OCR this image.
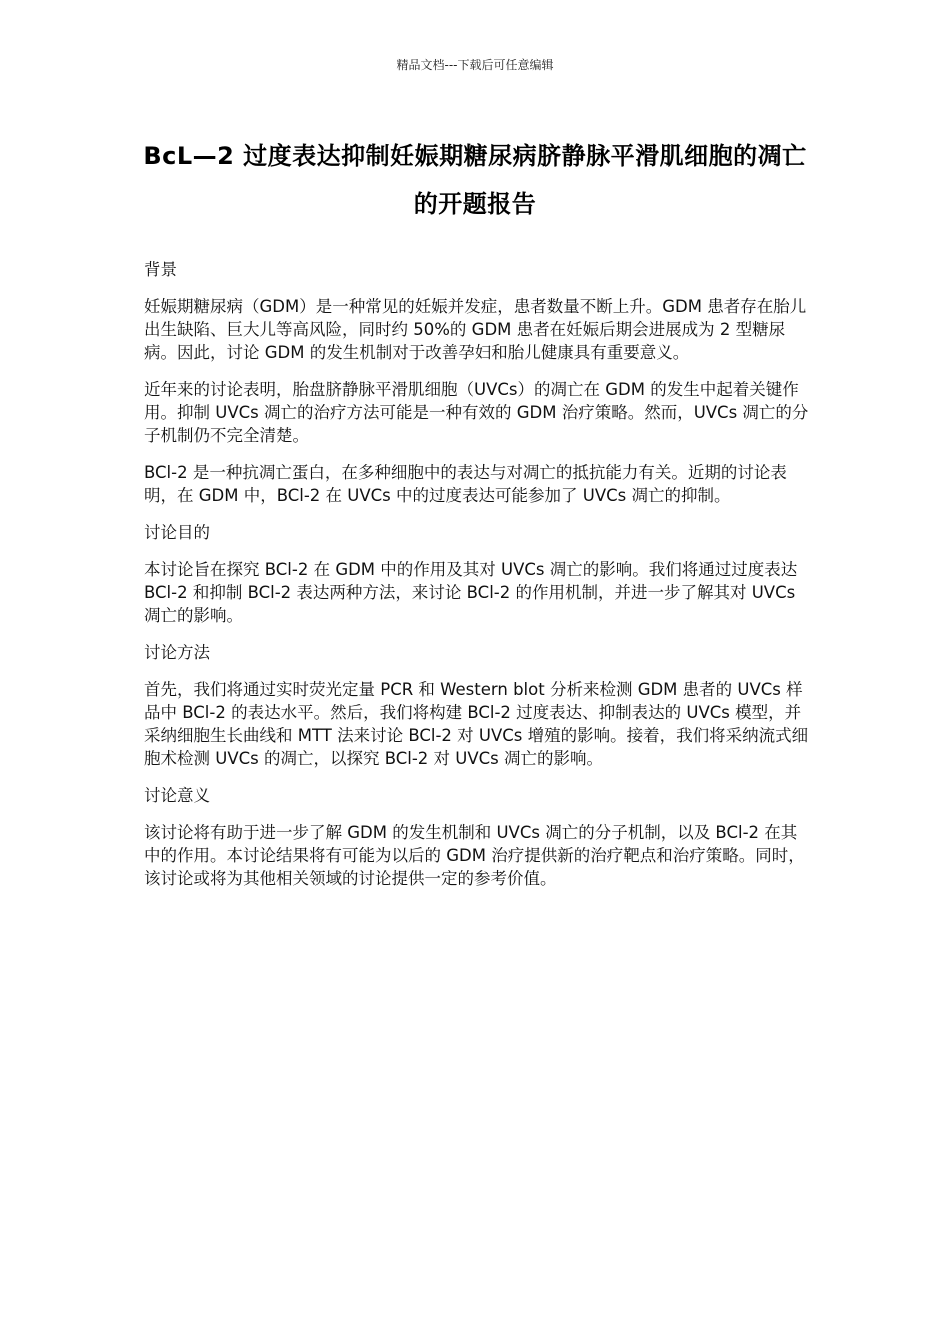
精品文档---下载后可任意编辑
BcL—2 过度表达抑制妊娠期糖尿病脐静脉平滑肌细胞的凋亡的开题报告
背景
妊娠期糖尿病（GDM）是一种常见的妊娠并发症，患者数量不断上升。GDM 患者存在胎儿出生缺陷、巨大儿等高风险，同时约 50%的 GDM 患者在妊娠后期会进展成为 2 型糖尿病。因此，讨论 GDM 的发生机制对于改善孕妇和胎儿健康具有重要意义。
近年来的讨论表明，胎盘脐静脉平滑肌细胞（UVCs）的凋亡在 GDM 的发生中起着关键作用。抑制 UVCs 凋亡的治疗方法可能是一种有效的 GDM 治疗策略。然而，UVCs 凋亡的分子机制仍不完全清楚。
BCl-2 是一种抗凋亡蛋白，在多种细胞中的表达与对凋亡的抵抗能力有关。近期的讨论表明，在 GDM 中，BCl-2 在 UVCs 中的过度表达可能参加了 UVCs 凋亡的抑制。
讨论目的
本讨论旨在探究 BCl-2 在 GDM 中的作用及其对 UVCs 凋亡的影响。我们将通过过度表达 BCl-2 和抑制 BCl-2 表达两种方法，来讨论 BCl-2 的作用机制，并进一步了解其对 UVCs 凋亡的影响。
讨论方法
首先，我们将通过实时荧光定量 PCR 和 Western blot 分析来检测 GDM 患者的 UVCs 样品中 BCl-2 的表达水平。然后，我们将构建 BCl-2 过度表达、抑制表达的 UVCs 模型，并采纳细胞生长曲线和 MTT 法来讨论 BCl-2 对 UVCs 增殖的影响。接着，我们将采纳流式细胞术检测 UVCs 的凋亡，以探究 BCl-2 对 UVCs 凋亡的影响。
讨论意义
该讨论将有助于进一步了解 GDM 的发生机制和 UVCs 凋亡的分子机制，以及 BCl-2 在其中的作用。本讨论结果将有可能为以后的 GDM 治疗提供新的治疗靶点和治疗策略。同时，该讨论或将为其他相关领域的讨论提供一定的参考价值。
